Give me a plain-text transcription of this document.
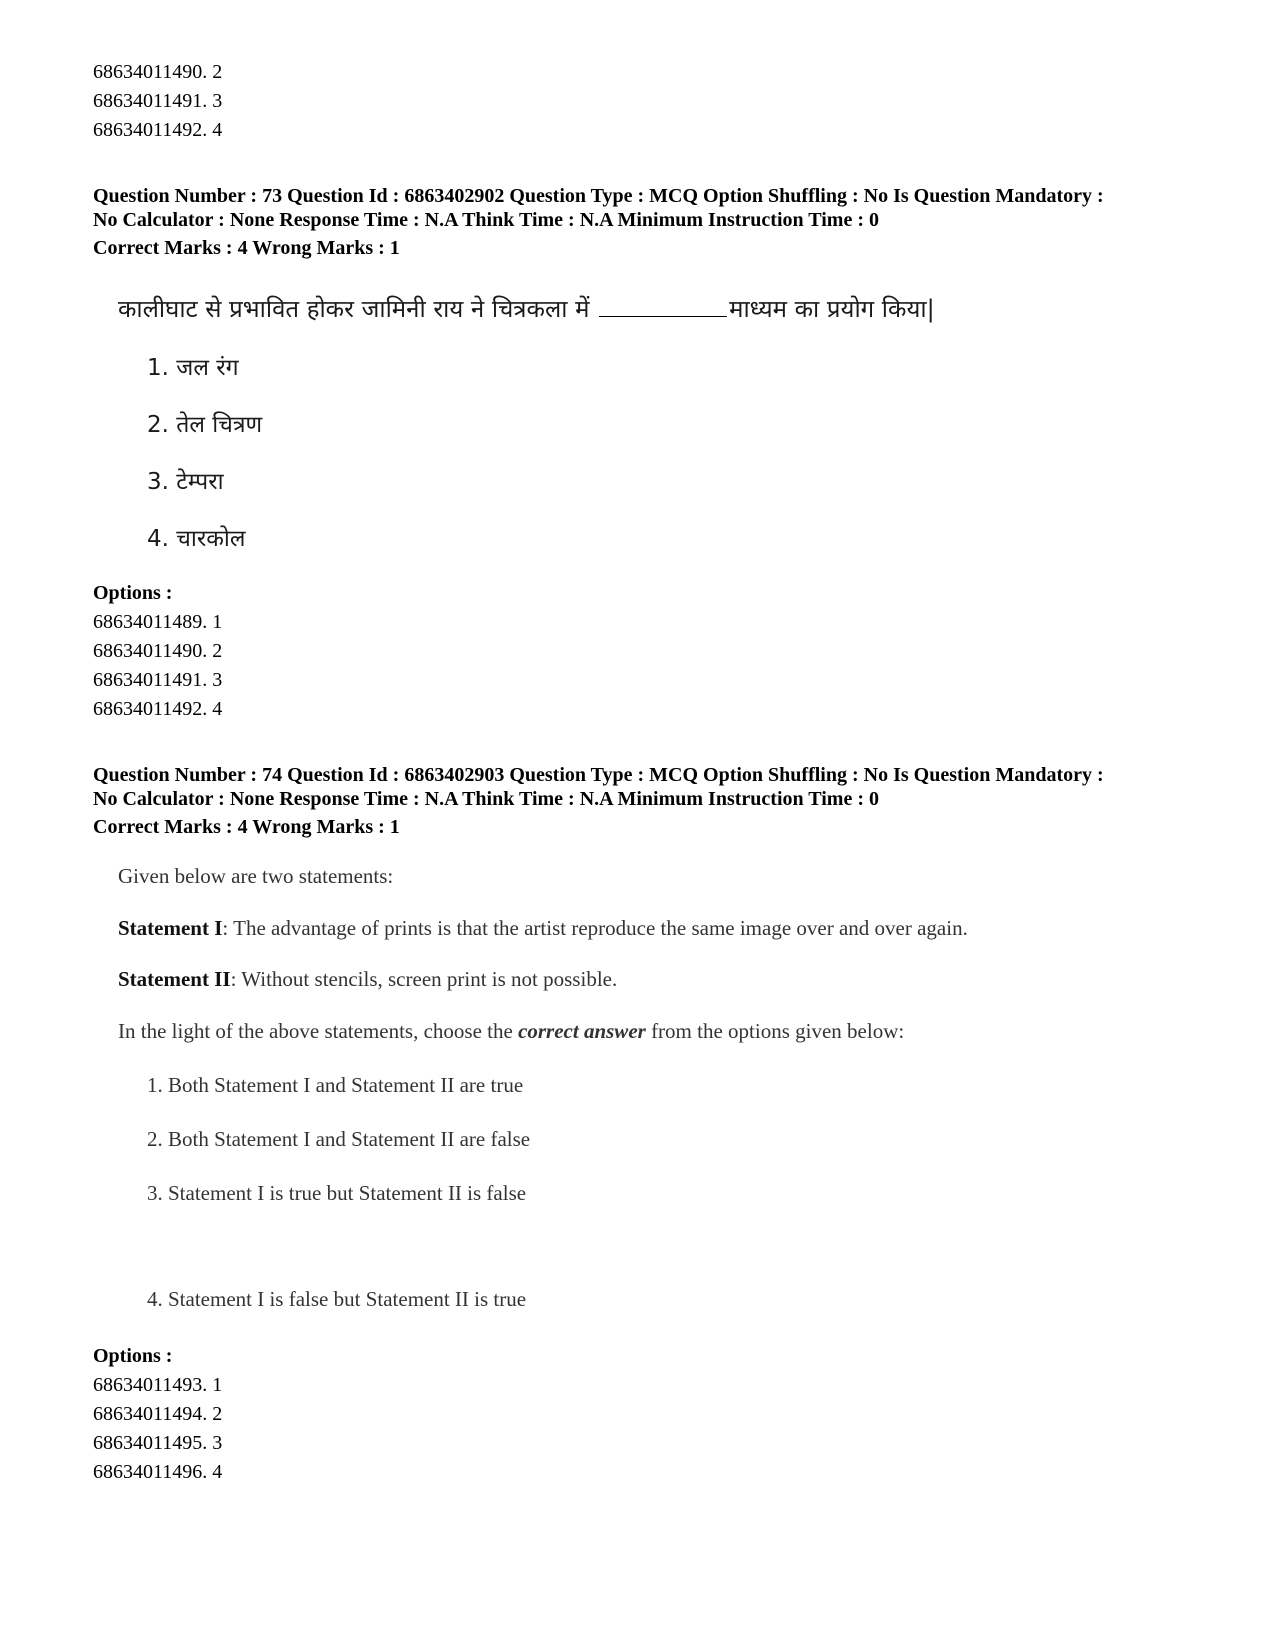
68634011490. 2
68634011491. 3
68634011492. 4
Question Number : 73 Question Id : 6863402902 Question Type : MCQ Option Shuffling : No Is Question Mandatory :
No Calculator : None Response Time : N.A Think Time : N.A Minimum Instruction Time : 0
Correct Marks : 4 Wrong Marks : 1
कालीघाट से प्रभावित होकर जामिनी राय ने चित्रकला में	माध्यम का प्रयोग किया|
1. जल रंग
2. तेल चित्रण
3. टेम्परा
4. चारकोल
Options :
68634011489. 1
68634011490. 2
68634011491. 3
68634011492. 4
Question Number : 74 Question Id : 6863402903 Question Type : MCQ Option Shuffling : No Is Question Mandatory :
No Calculator : None Response Time : N.A Think Time : N.A Minimum Instruction Time : 0
Correct Marks : 4 Wrong Marks : 1
Given below are two statements:
Statement I: The advantage of prints is that the artist reproduce the same image over and over again.
Statement II: Without stencils, screen print is not possible.
In the light of the above statements, choose the correct answer from the options given below:
1. Both Statement I and Statement II are true
2. Both Statement I and Statement II are false
3. Statement I is true but Statement II is false
4. Statement I is false but Statement II is true
Options :
68634011493. 1
68634011494. 2
68634011495. 3
68634011496. 4
